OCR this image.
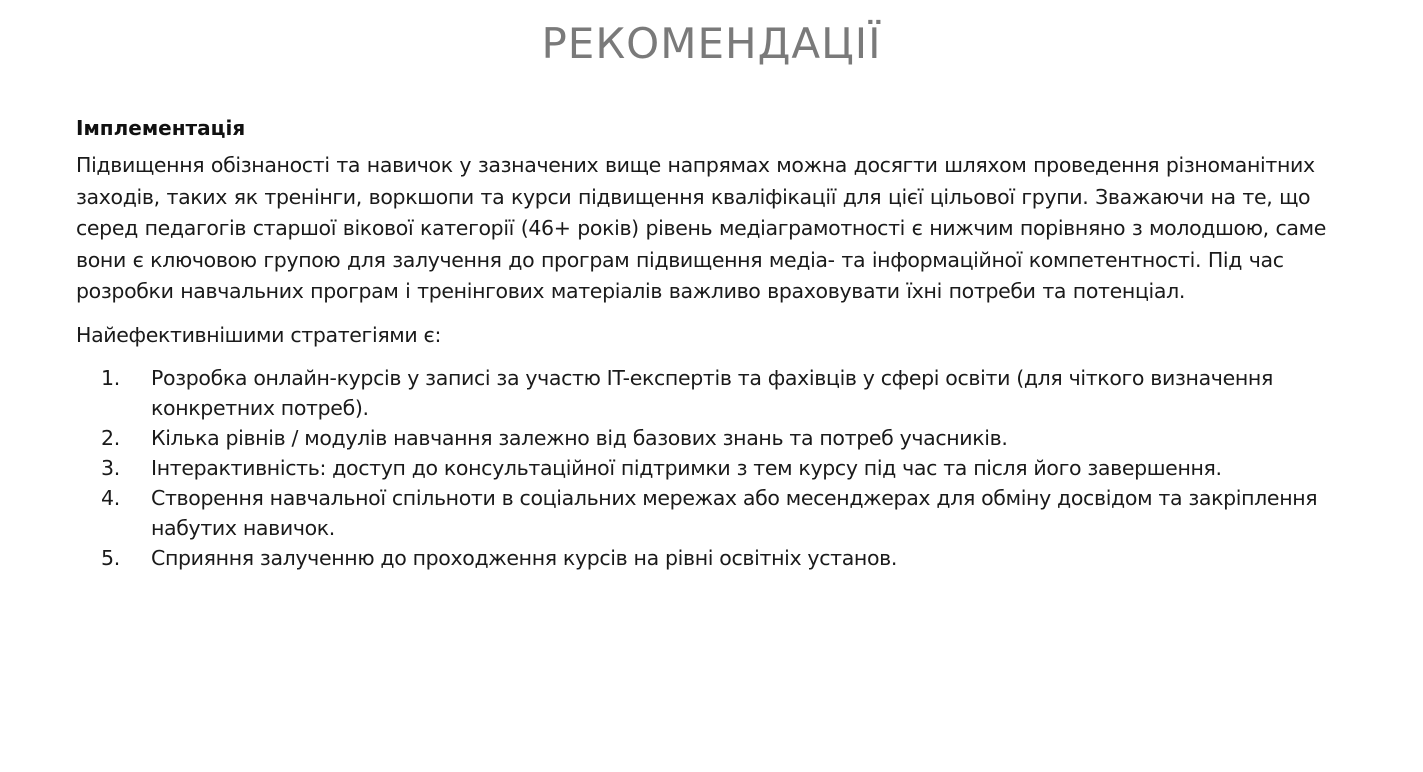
РЕКОМЕНДАЦІЇ
Імплементація

Підвищення обізнаності та навичок у зазначених вище напрямах можна досягти шляхом проведення різноманітних заходів, таких як тренінги, воркшопи та курси підвищення кваліфікації для цієї цільової групи. Зважаючи на те, що серед педагогів старшої вікової категорії (46+ років) рівень медіаграмотності є нижчим порівняно з молодшою, саме вони є ключовою групою для залучення до програм підвищення медіа- та інформаційної компетентності. Під час розробки навчальних програм і тренінгових матеріалів важливо враховувати їхні потреби та потенціал.

Найефективнішими стратегіями є:

1. Розробка онлайн-курсів у записі за участю IT-експертів та фахівців у сфері освіти (для чіткого визначення конкретних потреб).
2. Кілька рівнів / модулів навчання залежно від базових знань та потреб учасників.
3. Інтерактивність: доступ до консультаційної підтримки з тем курсу під час та після його завершення.
4. Створення навчальної спільноти в соціальних мережах або месенджерах для обміну досвідом та закріплення набутих навичок.
5. Сприяння залученню до проходження курсів на рівні освітніх установ.
